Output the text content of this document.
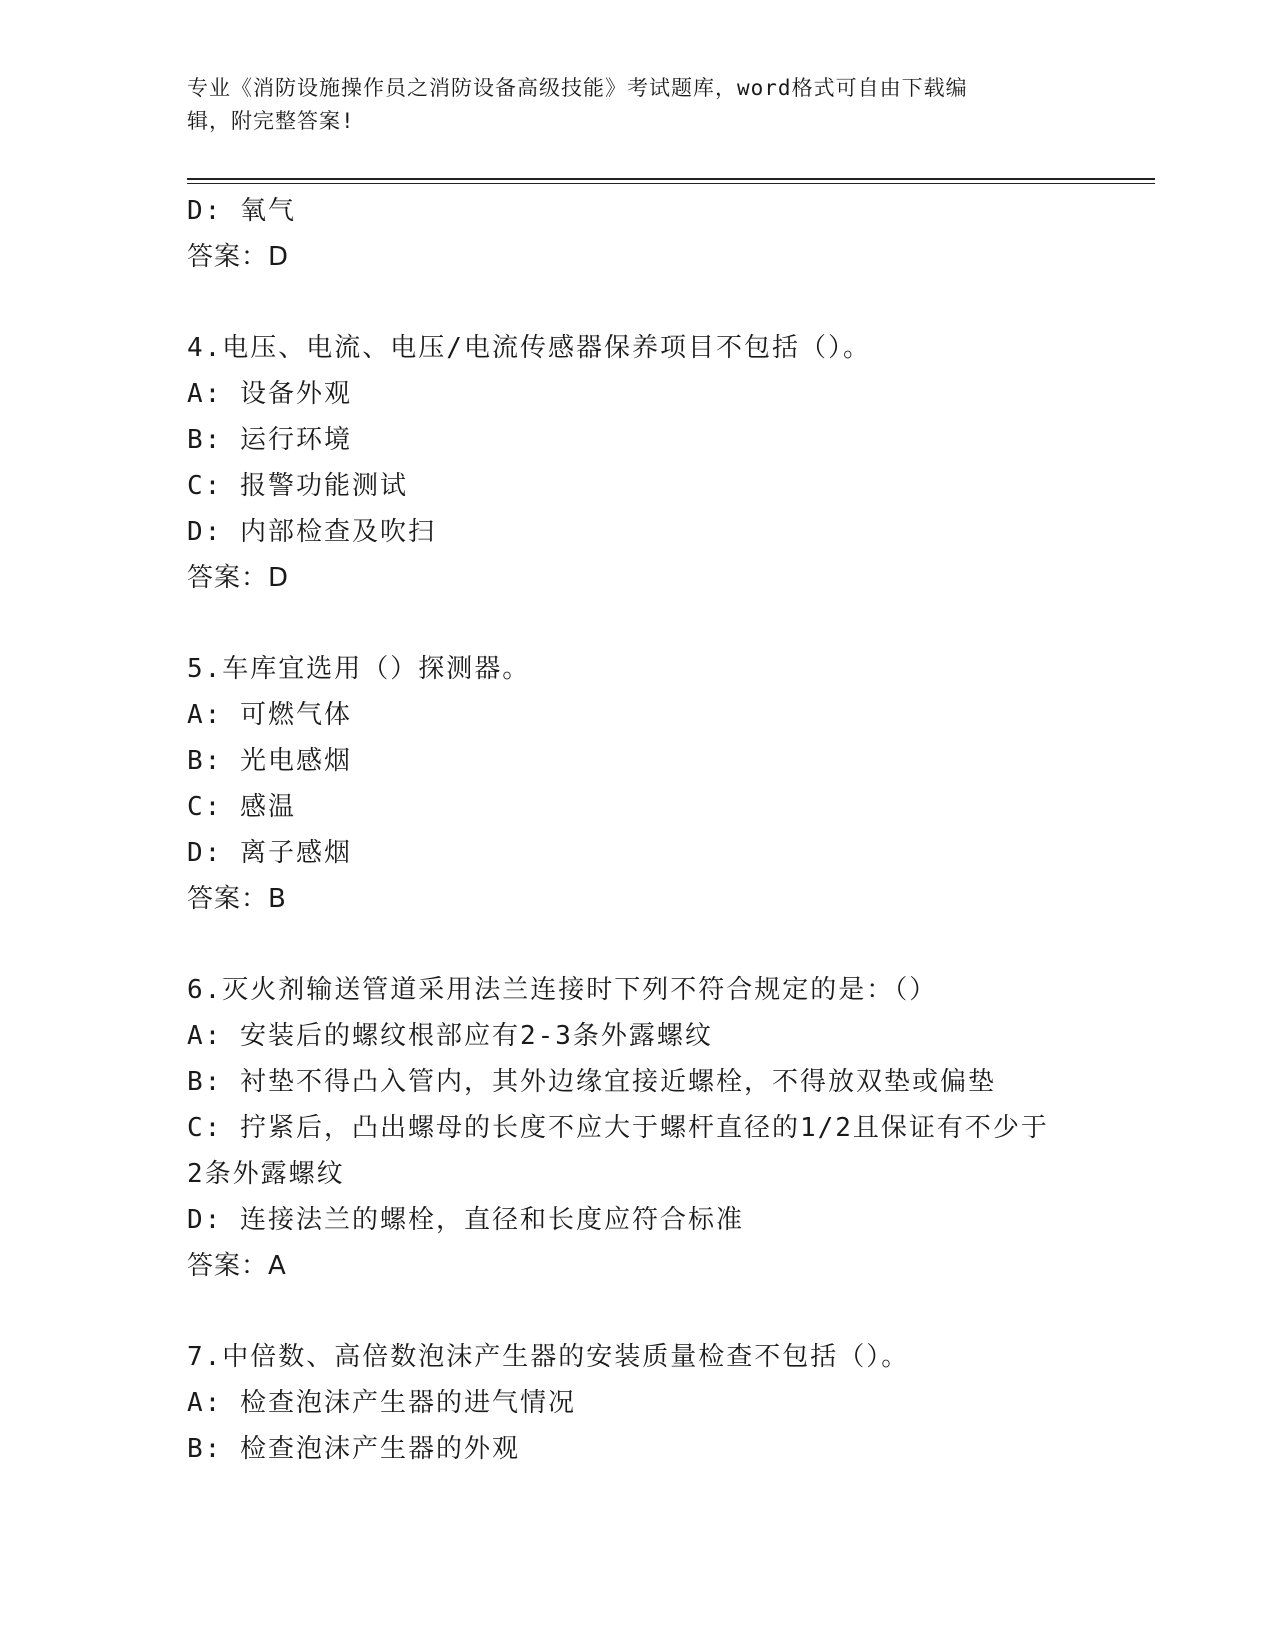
专业《消防设施操作员之消防设备高级技能》考试题库，word格式可自由下载编
辑，附完整答案!
D: 氧气
答案：D
4.电压、电流、电压/电流传感器保养项目不包括（）。
A: 设备外观
B: 运行环境
C: 报警功能测试
D: 内部检查及吹扫
答案：D
5.车库宜选用（）探测器。
A: 可燃气体
B: 光电感烟
C: 感温
D: 离子感烟
答案：B
6.灭火剂输送管道采用法兰连接时下列不符合规定的是：（）
A: 安装后的螺纹根部应有2-3条外露螺纹
B: 衬垫不得凸入管内，其外边缘宜接近螺栓，不得放双垫或偏垫
C: 拧紧后，凸出螺母的长度不应大于螺杆直径的1/2且保证有不少于
2条外露螺纹
D: 连接法兰的螺栓，直径和长度应符合标准
答案：A
7.中倍数、高倍数泡沫产生器的安装质量检查不包括（）。
A: 检查泡沫产生器的进气情况
B: 检查泡沫产生器的外观
